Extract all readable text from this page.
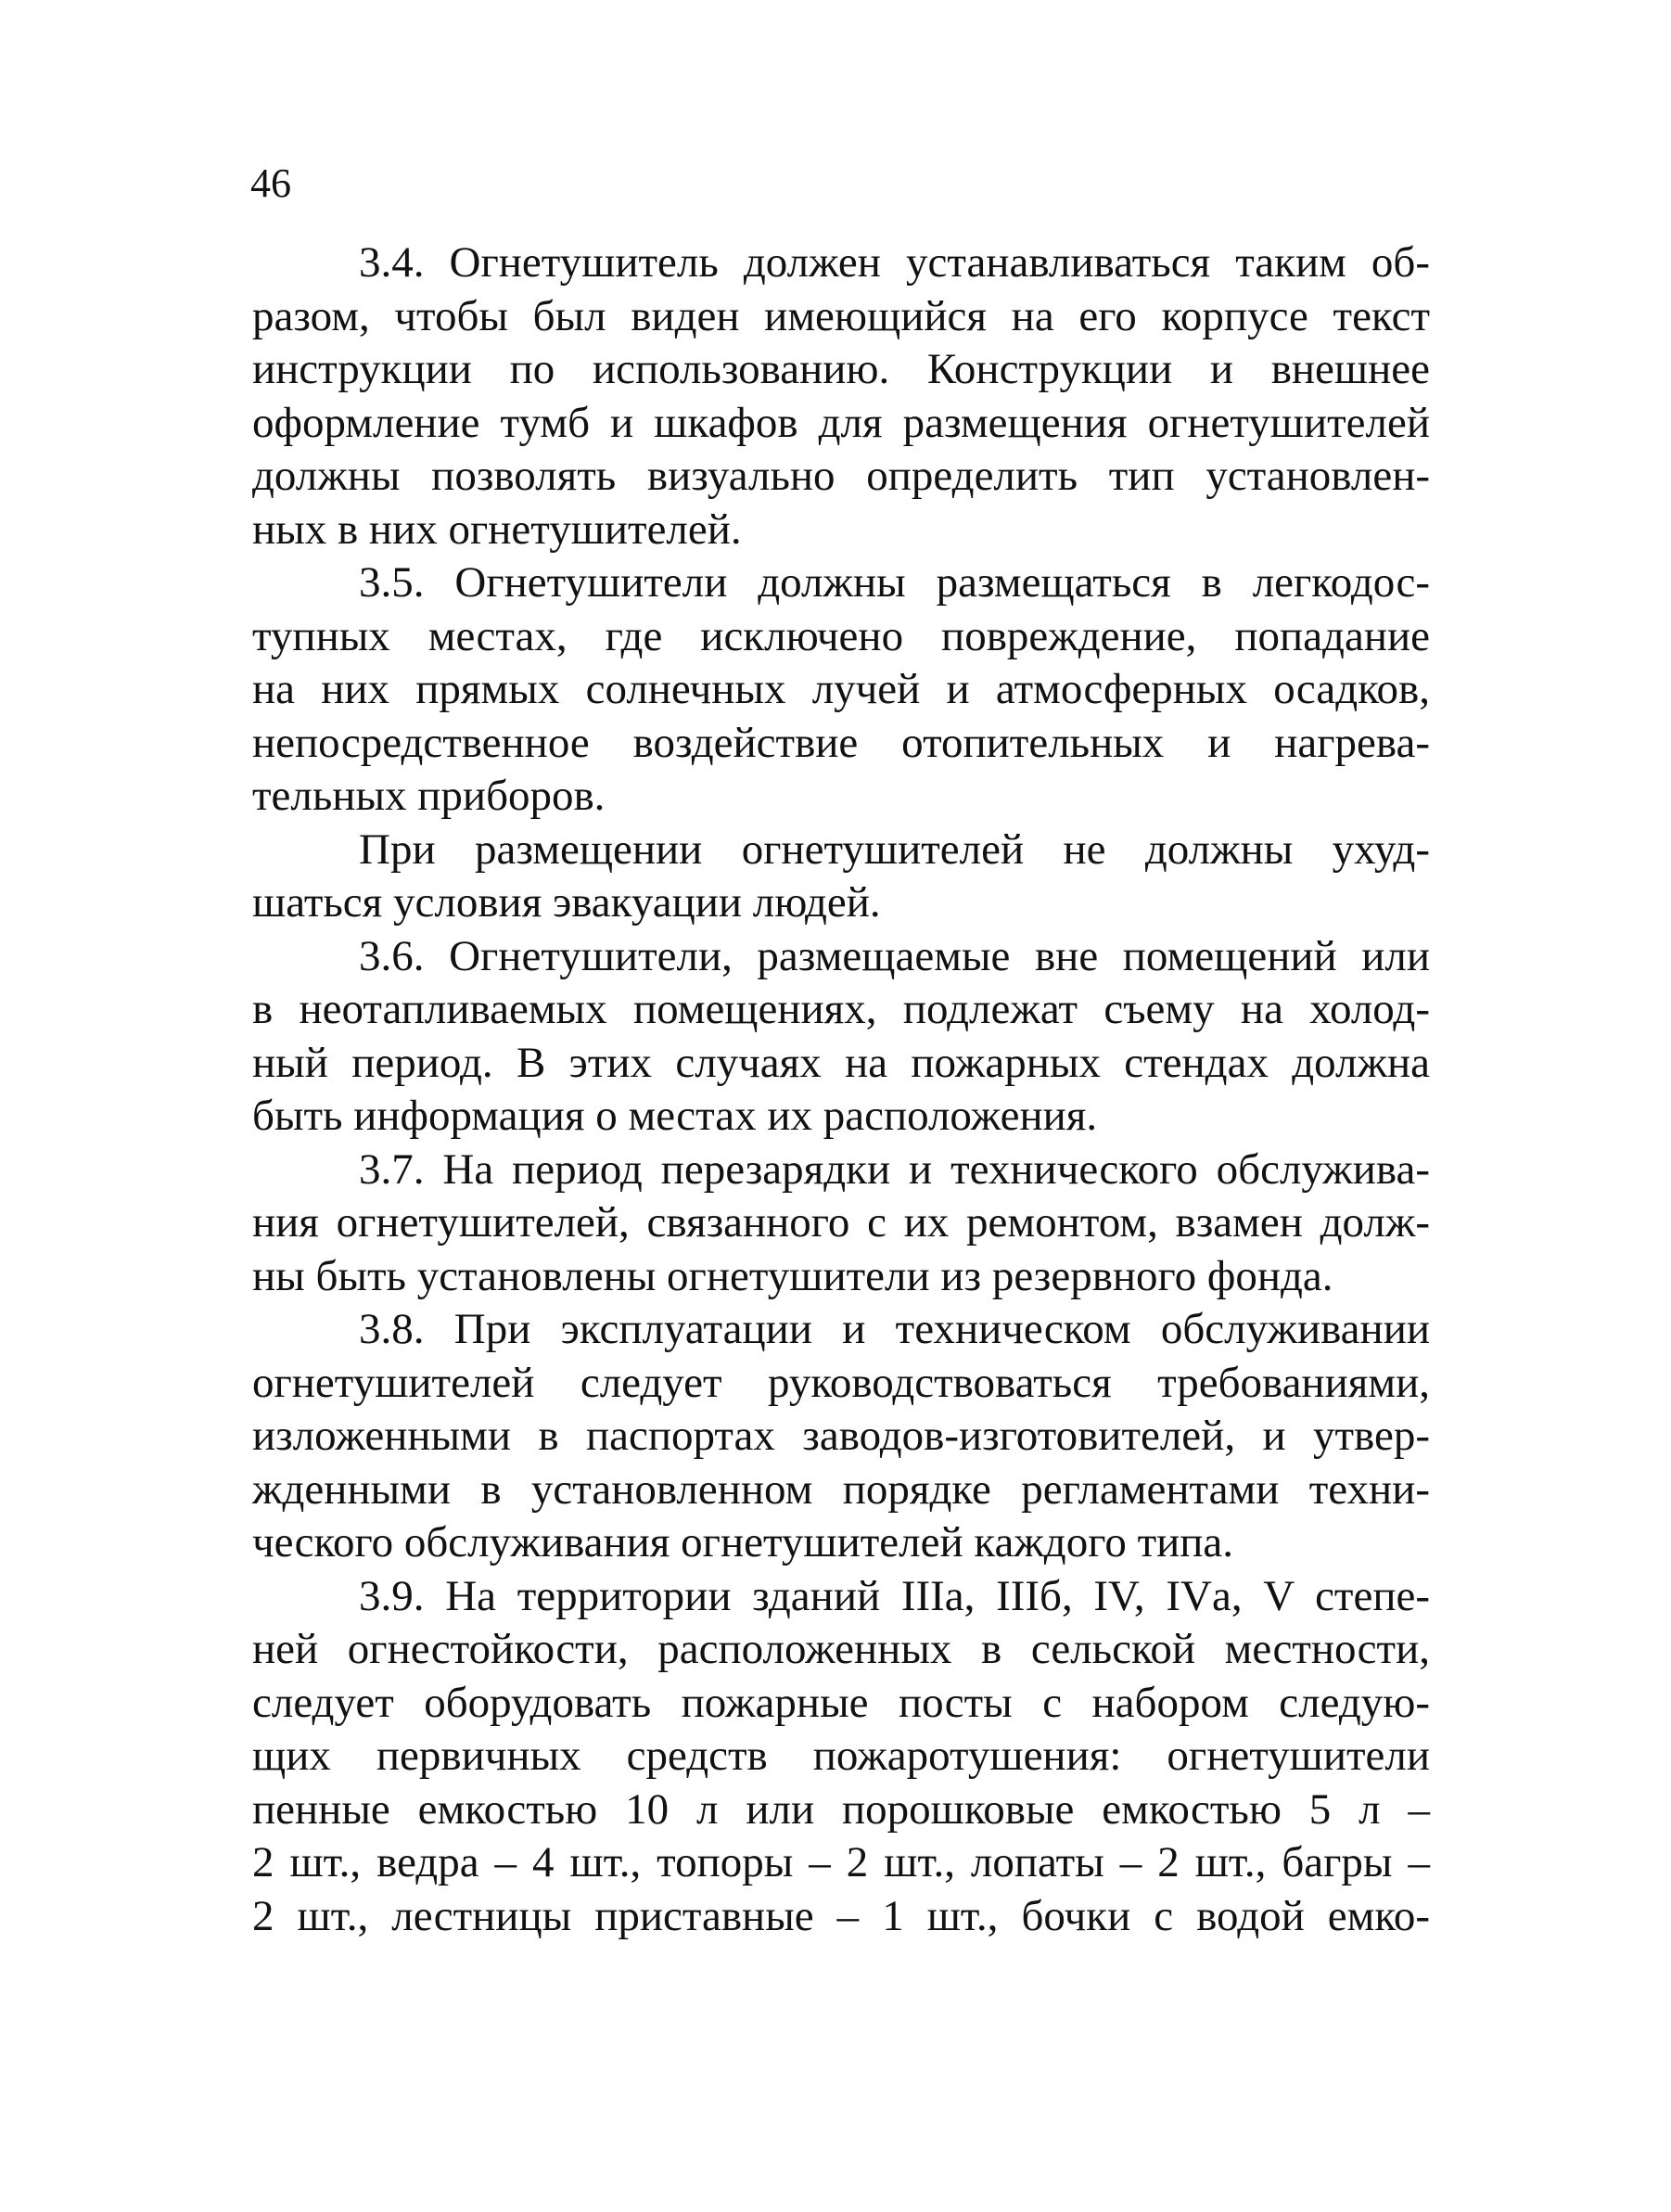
46
3.4. Огнетушитель должен устанавливаться таким об-
разом, чтобы был виден имеющийся на его корпусе текст
инструкции по использованию. Конструкции и внешнее
оформление тумб и шкафов для размещения огнетушителей
должны позволять визуально определить тип установлен-
ных в них огнетушителей.
3.5. Огнетушители должны размещаться в легкодос-
тупных местах, где исключено повреждение, попадание
на них прямых солнечных лучей и атмосферных осадков,
непосредственное воздействие отопительных и нагрева-
тельных приборов.
При размещении огнетушителей не должны ухуд-
шаться условия эвакуации людей.
3.6. Огнетушители, размещаемые вне помещений или
в неотапливаемых помещениях, подлежат съему на холод-
ный период. В этих случаях на пожарных стендах должна
быть информация о местах их расположения.
3.7. На период перезарядки и технического обслужива-
ния огнетушителей, связанного с их ремонтом, взамен долж-
ны быть установлены огнетушители из резервного фонда.
3.8. При эксплуатации и техническом обслуживании
огнетушителей следует руководствоваться требованиями,
изложенными в паспортах заводов-изготовителей, и утвер-
жденными в установленном порядке регламентами техни-
ческого обслуживания огнетушителей каждого типа.
3.9. На территории зданий IIIа, IIIб, IV, IVа, V степе-
ней огнестойкости, расположенных в сельской местности,
следует оборудовать пожарные посты с набором следую-
щих первичных средств пожаротушения: огнетушители
пенные емкостью 10 л или порошковые емкостью 5 л –
2 шт., ведра – 4 шт., топоры – 2 шт., лопаты – 2 шт., багры –
2 шт., лестницы приставные – 1 шт., бочки с водой емко-
